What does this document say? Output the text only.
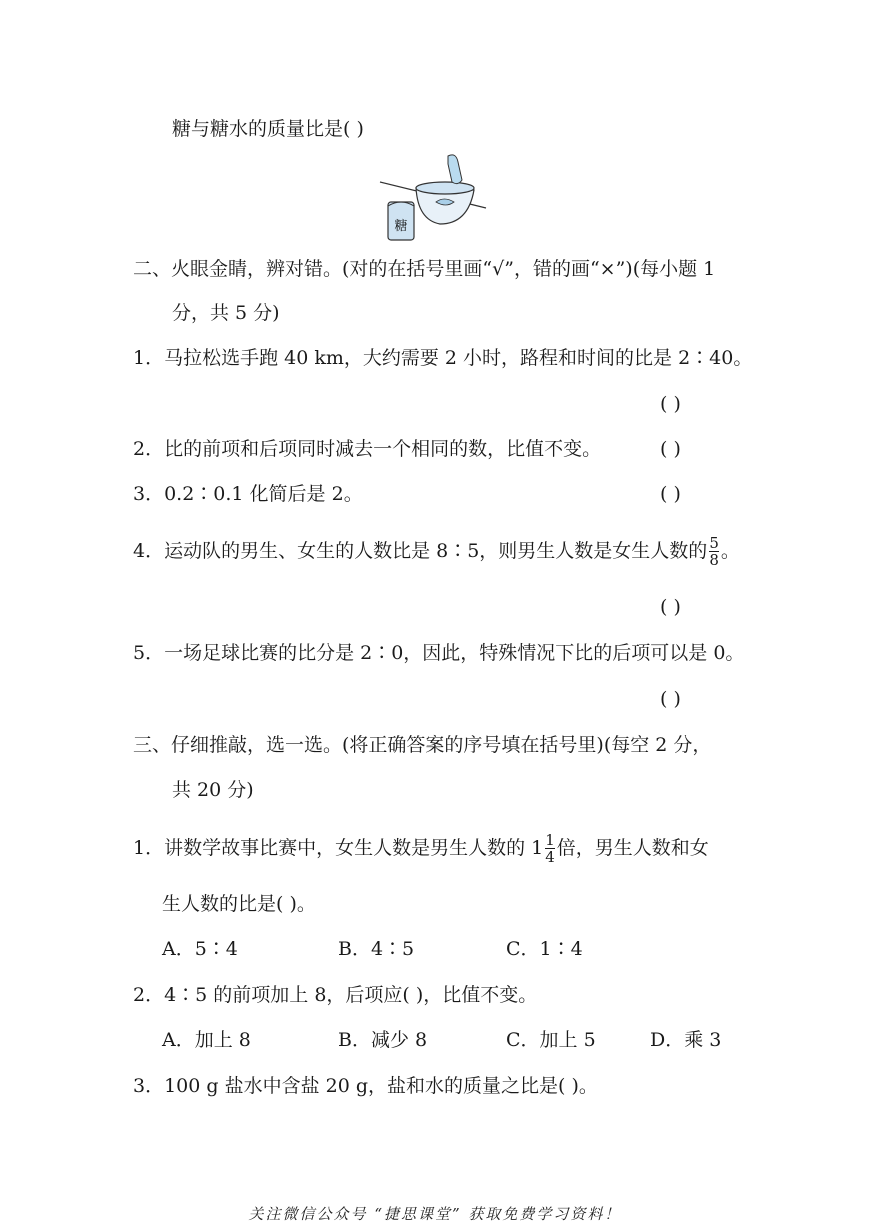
糖与糖水的质量比是( )
糖
二、火眼金睛，辨对错。(对的在括号里画“√”，错的画“×”)(每小题 1
分，共 5 分)
1．马拉松选手跑 40 km，大约需要 2 小时，路程和时间的比是 2∶40。
( )
2．比的前项和后项同时减去一个相同的数，比值不变。	( )
3．0.2∶0.1 化简后是 2。	( )
4．运动队的男生、女生的人数比是 8∶5，则男生人数是女生人数的 $\frac{5}{8}$ 。
( )
5．一场足球比赛的比分是 2∶0，因此，特殊情况下比的后项可以是 0。
( )
三、仔细推敲，选一选。(将正确答案的序号填在括号里)(每空 2 分，
共 20 分)
1．讲数学故事比赛中，女生人数是男生人数的 $1 \frac{1}{4}$ 倍，男生人数和女
生人数的比是( )。
A．5∶4	B．4∶5	C．1∶4
2．4∶5 的前项加上 8，后项应( )，比值不变。
A．加上 8	B．减少 8	C．加上 5	D．乘 3
3．100 g 盐水中含盐 20 g，盐和水的质量之比是( )。
关注微信公众号 “捷思课堂” 获取免费学习资料！
